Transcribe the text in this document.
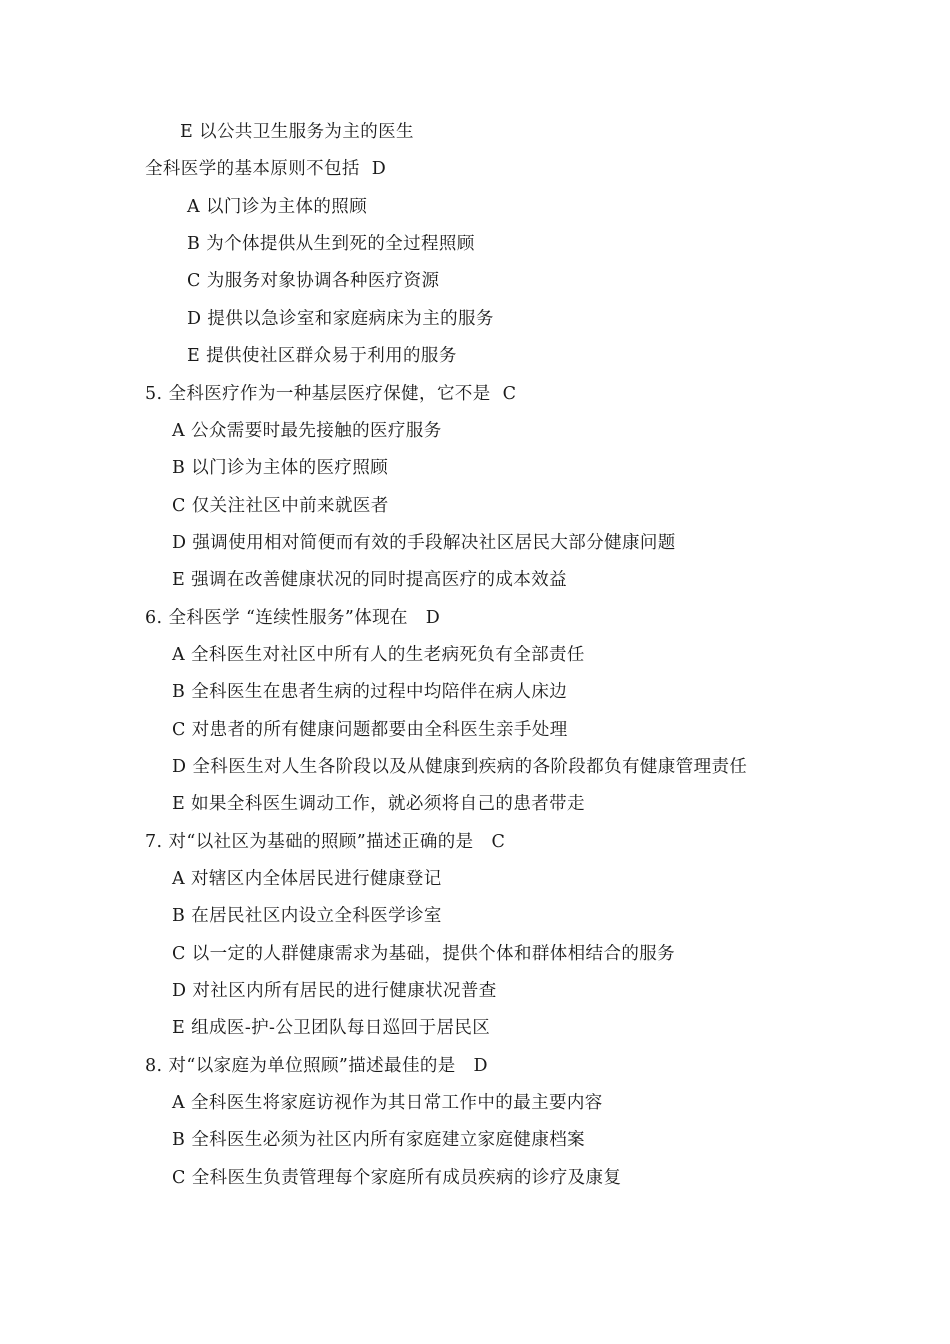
E 以公共卫生服务为主的医生
全科医学的基本原则不包括  D
A 以门诊为主体的照顾
B 为个体提供从生到死的全过程照顾
C 为服务对象协调各种医疗资源
D 提供以急诊室和家庭病床为主的服务
E 提供使社区群众易于利用的服务
5. 全科医疗作为一种基层医疗保健，它不是  C
A 公众需要时最先接触的医疗服务
B 以门诊为主体的医疗照顾
C 仅关注社区中前来就医者
D 强调使用相对简便而有效的手段解决社区居民大部分健康问题
E 强调在改善健康状况的同时提高医疗的成本效益
6. 全科医学 “连续性服务”体现在   D
A 全科医生对社区中所有人的生老病死负有全部责任
B 全科医生在患者生病的过程中均陪伴在病人床边
C 对患者的所有健康问题都要由全科医生亲手处理
D 全科医生对人生各阶段以及从健康到疾病的各阶段都负有健康管理责任
E 如果全科医生调动工作，就必须将自己的患者带走
7. 对“以社区为基础的照顾”描述正确的是   C
A 对辖区内全体居民进行健康登记
B 在居民社区内设立全科医学诊室
C 以一定的人群健康需求为基础，提供个体和群体相结合的服务
D 对社区内所有居民的进行健康状况普查
E 组成医-护-公卫团队每日巡回于居民区
8. 对“以家庭为单位照顾”描述最佳的是   D
A 全科医生将家庭访视作为其日常工作中的最主要内容
B 全科医生必须为社区内所有家庭建立家庭健康档案
C 全科医生负责管理每个家庭所有成员疾病的诊疗及康复
